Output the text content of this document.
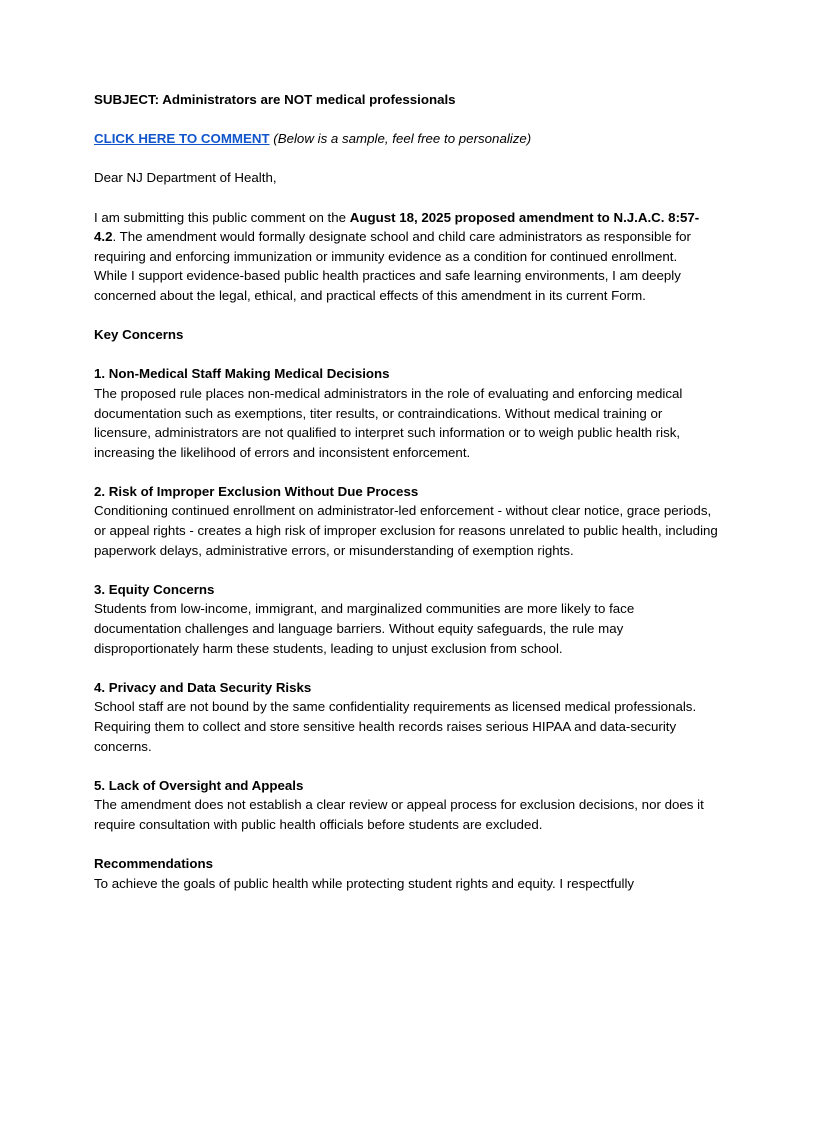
SUBJECT: Administrators are NOT medical professionals

CLICK HERE TO COMMENT (Below is a sample, feel free to personalize)

Dear NJ Department of Health,

I am submitting this public comment on the August 18, 2025 proposed amendment to N.J.A.C. 8:57-4.2. The amendment would formally designate school and child care administrators as responsible for requiring and enforcing immunization or immunity evidence as a condition for continued enrollment.

While I support evidence-based public health practices and safe learning environments, I am deeply concerned about the legal, ethical, and practical effects of this amendment in its current Form.

Key Concerns

1. Non-Medical Staff Making Medical Decisions

The proposed rule places non-medical administrators in the role of evaluating and enforcing medical documentation such as exemptions, titer results, or contraindications. Without medical training or licensure, administrators are not qualified to interpret such information or to weigh public health risk, increasing the likelihood of errors and inconsistent enforcement.

2. Risk of Improper Exclusion Without Due Process

Conditioning continued enrollment on administrator-led enforcement - without clear notice, grace periods, or appeal rights - creates a high risk of improper exclusion for reasons unrelated to public health, including paperwork delays, administrative errors, or misunderstanding of exemption rights.

3. Equity Concerns

Students from low-income, immigrant, and marginalized communities are more likely to face documentation challenges and language barriers. Without equity safeguards, the rule may disproportionately harm these students, leading to unjust exclusion from school.

4. Privacy and Data Security Risks

School staff are not bound by the same confidentiality requirements as licensed medical professionals. Requiring them to collect and store sensitive health records raises serious HIPAA and data-security concerns.

5. Lack of Oversight and Appeals

The amendment does not establish a clear review or appeal process for exclusion decisions, nor does it require consultation with public health officials before students are excluded.

Recommendations

To achieve the goals of public health while protecting student rights and equity. I respectfully
